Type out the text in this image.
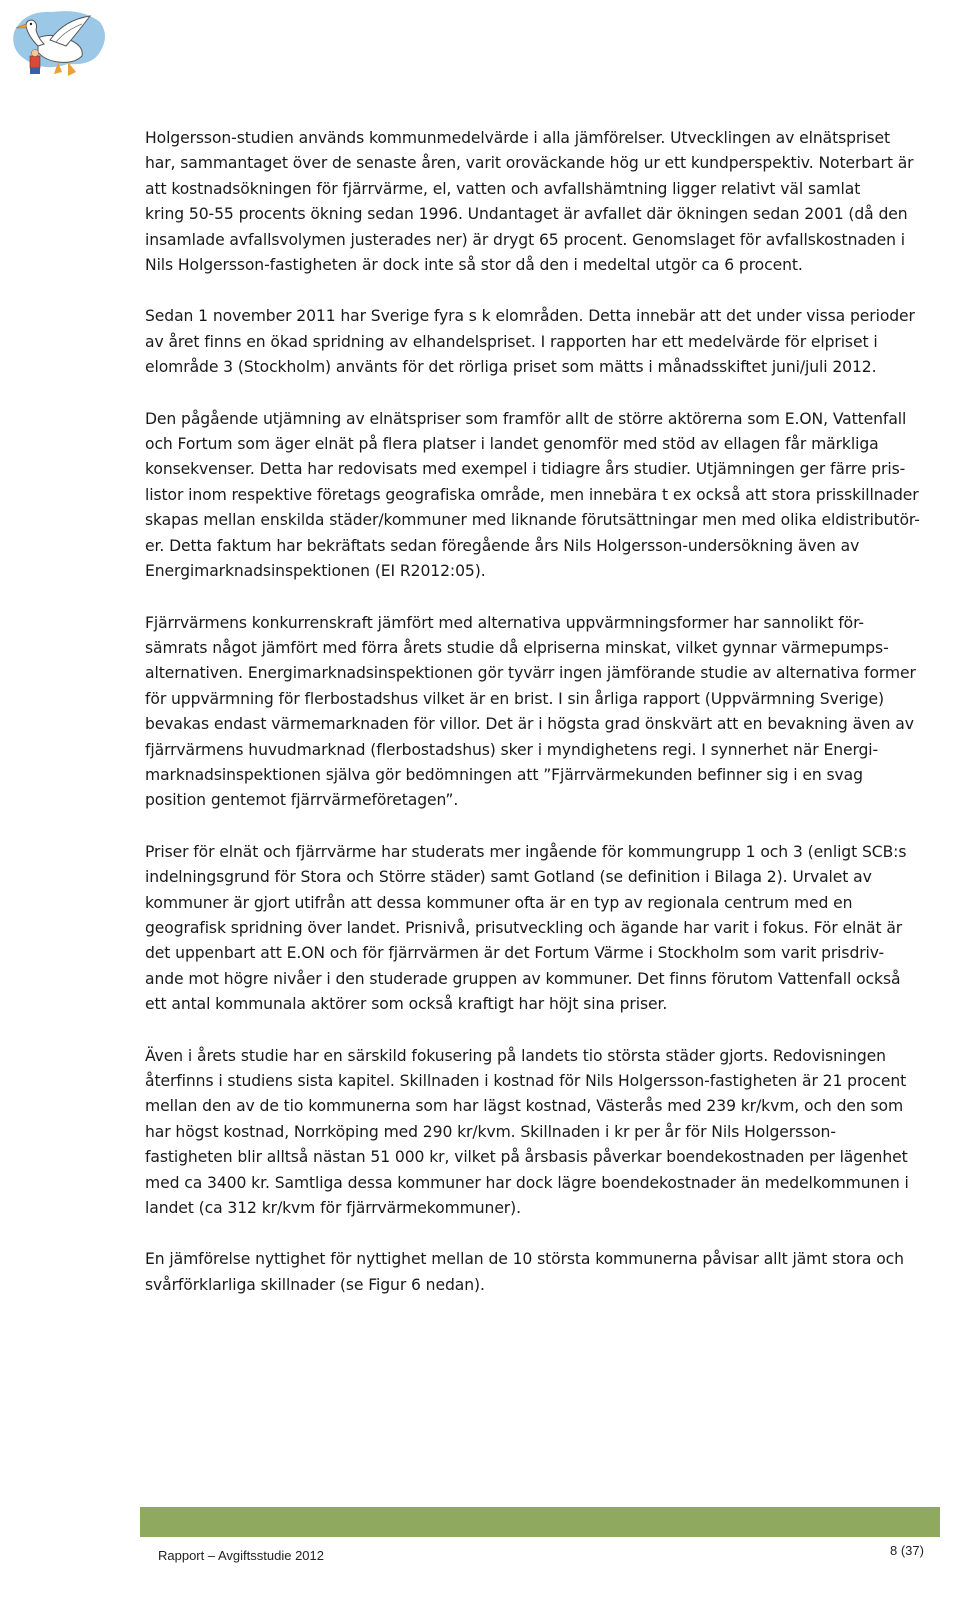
Holgersson-studien används kommunmedelvärde i alla jämförelser. Utvecklingen av elnätspriset
har, sammantaget över de senaste åren, varit oroväckande hög ur ett kundperspektiv. Noterbart är
att kostnadsökningen för fjärrvärme, el, vatten och avfallshämtning ligger relativt väl samlat
kring 50-55 procents ökning sedan 1996. Undantaget är avfallet där ökningen sedan 2001 (då den
insamlade avfallsvolymen justerades ner) är drygt 65 procent. Genomslaget för avfallskostnaden i
Nils Holgersson-fastigheten är dock inte så stor då den i medeltal utgör ca 6 procent.

Sedan 1 november 2011 har Sverige fyra s k elområden. Detta innebär att det under vissa perioder
av året finns en ökad spridning av elhandelspriset. I rapporten har ett medelvärde för elpriset i
elområde 3 (Stockholm) använts för det rörliga priset som mätts i månadsskiftet juni/juli 2012.

Den pågående utjämning av elnätspriser som framför allt de större aktörerna som E.ON, Vattenfall
och Fortum som äger elnät på flera platser i landet genomför med stöd av ellagen får märkliga
konsekvenser. Detta har redovisats med exempel i tidiagre års studier. Utjämningen ger färre pris-
listor inom respektive företags geografiska område, men innebära t ex också att stora prisskillnader
skapas mellan enskilda städer/kommuner med liknande förutsättningar men med olika eldistributör-
er. Detta faktum har bekräftats sedan föregående års Nils Holgersson-undersökning även av
Energimarknadsinspektionen (EI R2012:05).

Fjärrvärmens konkurrenskraft jämfört med alternativa uppvärmningsformer har sannolikt för-
sämrats något jämfört med förra årets studie då elpriserna minskat, vilket gynnar värmepumps-
alternativen. Energimarknadsinspektionen gör tyvärr ingen jämförande studie av alternativa former
för uppvärmning för flerbostadshus vilket är en brist. I sin årliga rapport (Uppvärmning Sverige)
bevakas endast värmemarknaden för villor. Det är i högsta grad önskvärt att en bevakning även av
fjärrvärmens huvudmarknad (flerbostadshus) sker i myndighetens regi. I synnerhet när Energi-
marknadsinspektionen själva gör bedömningen att ”Fjärrvärmekunden befinner sig i en svag
position gentemot fjärrvärmeföretagen”.

Priser för elnät och fjärrvärme har studerats mer ingående för kommungrupp 1 och 3 (enligt SCB:s
indelningsgrund för Stora och Större städer) samt Gotland (se definition i Bilaga 2). Urvalet av
kommuner är gjort utifrån att dessa kommuner ofta är en typ av regionala centrum med en
geografisk spridning över landet. Prisnivå, prisutveckling och ägande har varit i fokus. För elnät är
det uppenbart att E.ON och för fjärrvärmen är det Fortum Värme i Stockholm som varit prisdriv-
ande mot högre nivåer i den studerade gruppen av kommuner. Det finns förutom Vattenfall också
ett antal kommunala aktörer som också kraftigt har höjt sina priser.

Även i årets studie har en särskild fokusering på landets tio största städer gjorts. Redovisningen
återfinns i studiens sista kapitel. Skillnaden i kostnad för Nils Holgersson-fastigheten är 21 procent
mellan den av de tio kommunerna som har lägst kostnad, Västerås med 239 kr/kvm, och den som
har högst kostnad, Norrköping med 290 kr/kvm. Skillnaden i kr per år för Nils Holgersson-
fastigheten blir alltså nästan 51 000 kr, vilket på årsbasis påverkar boendekostnaden per lägenhet
med ca 3400 kr. Samtliga dessa kommuner har dock lägre boendekostnader än medelkommunen i
landet (ca 312 kr/kvm för fjärrvärmekommuner).

En jämförelse nyttighet för nyttighet mellan de 10 största kommunerna påvisar allt jämt stora och
svårförklarliga skillnader (se Figur 6 nedan).

Rapport – Avgiftsstudie 2012	8 (37)
